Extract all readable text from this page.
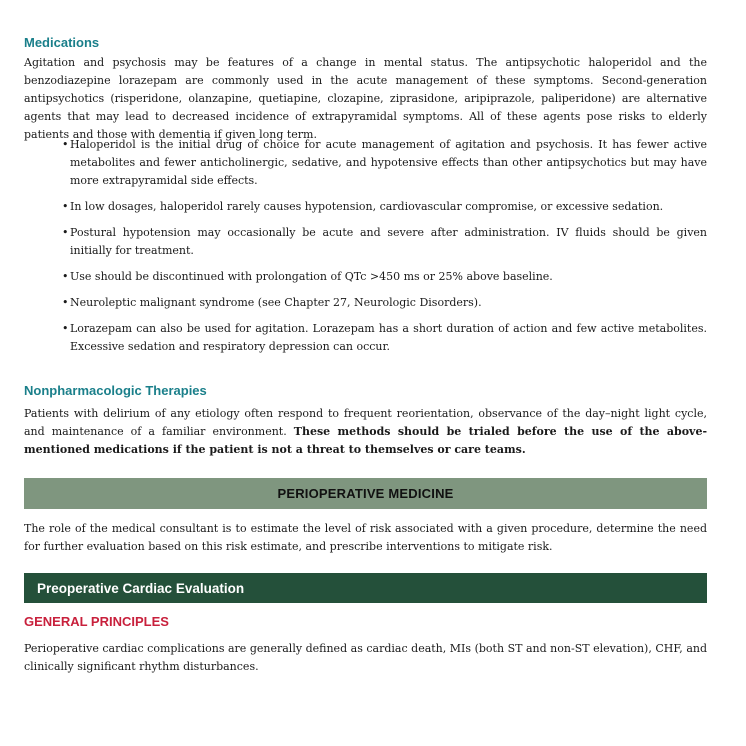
Medications

Agitation and psychosis may be features of a change in mental status. The antipsychotic haloperidol and the benzodiazepine lorazepam are commonly used in the acute management of these symptoms. Second-generation antipsychotics (risperidone, olanzapine, quetiapine, clozapine, ziprasidone, aripiprazole, paliperidone) are alternative agents that may lead to decreased incidence of extrapyramidal symptoms. All of these agents pose risks to elderly patients and those with dementia if given long term.

• Haloperidol is the initial drug of choice for acute management of agitation and psychosis. It has fewer active metabolites and fewer anticholinergic, sedative, and hypotensive effects than other antipsychotics but may have more extrapyramidal side effects.
• In low dosages, haloperidol rarely causes hypotension, cardiovascular compromise, or excessive sedation.
• Postural hypotension may occasionally be acute and severe after administration. IV fluids should be given initially for treatment.
• Use should be discontinued with prolongation of QTc >450 ms or 25% above baseline.
• Neuroleptic malignant syndrome (see Chapter 27, Neurologic Disorders).
• Lorazepam can also be used for agitation. Lorazepam has a short duration of action and few active metabolites. Excessive sedation and respiratory depression can occur.
Nonpharmacologic Therapies

Patients with delirium of any etiology often respond to frequent reorientation, observance of the day–night light cycle, and maintenance of a familiar environment. These methods should be trialed before the use of the above-mentioned medications if the patient is not a threat to themselves or care teams.

PERIOPERATIVE MEDICINE

The role of the medical consultant is to estimate the level of risk associated with a given procedure, determine the need for further evaluation based on this risk estimate, and prescribe interventions to mitigate risk.

Preoperative Cardiac Evaluation
GENERAL PRINCIPLES

Perioperative cardiac complications are generally defined as cardiac death, MIs (both ST and non-ST elevation), CHF, and clinically significant rhythm disturbances.
